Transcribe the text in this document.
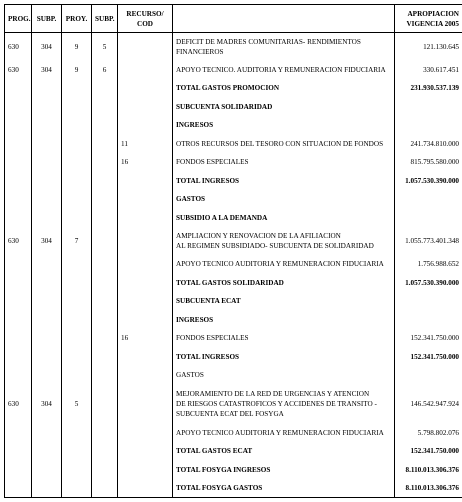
PROG.	SUBP.	PROY.	SUBP.	RECURSO/
COD		APROPIACION
VIGENCIA 2005

630	304	9	5		DEFICIT DE MADRES COMUNITARIAS- RENDIMIENTOS
FINANCIEROS	121.130.645
630	304	9	6		APOYO TECNICO. AUDITORIA Y REMUNERACION FIDUCIARIA	330.617.451

					TOTAL GASTOS PROMOCION	231.930.537.139

					SUBCUENTA SOLIDARIDAD	

					INGRESOS	

				11	OTROS RECURSOS DEL TESORO CON SITUACION DE FONDOS	241.734.810.000
				16	FONDOS ESPECIALES	815.795.580.000

					TOTAL INGRESOS	1.057.530.390.000

					GASTOS	

					SUBSIDIO A LA DEMANDA	

630	304	7			AMPLIACION Y RENOVACION DE LA AFILIACION
AL REGIMEN SUBSIDIADO- SUBCUENTA DE SOLIDARIDAD	1.055.773.401.348

					APOYO TECNICO AUDITORIA Y REMUNERACION FIDUCIARIA	1.756.988.652

					TOTAL GASTOS SOLIDARIDAD	1.057.530.390.000

					SUBCUENTA ECAT	

					INGRESOS	

				16	FONDOS ESPECIALES	152.341.750.000

					TOTAL INGRESOS	152.341.750.000

					GASTOS	

630	304	5			MEJORAMIENTO DE LA RED DE URGENCIAS Y ATENCION
DE RIESGOS CATASTROFICOS Y ACCIDENES DE TRANSITO -
SUBCUENTA ECAT DEL FOSYGA	146.542.947.924

					APOYO TECNICO AUDITORIA Y REMUNERACION FIDUCIARIA	5.798.802.076

					TOTAL GASTOS ECAT	152.341.750.000

					TOTAL FOSYGA INGRESOS	8.110.013.306.376

					TOTAL FOSYGA GASTOS	8.110.013.306.376
